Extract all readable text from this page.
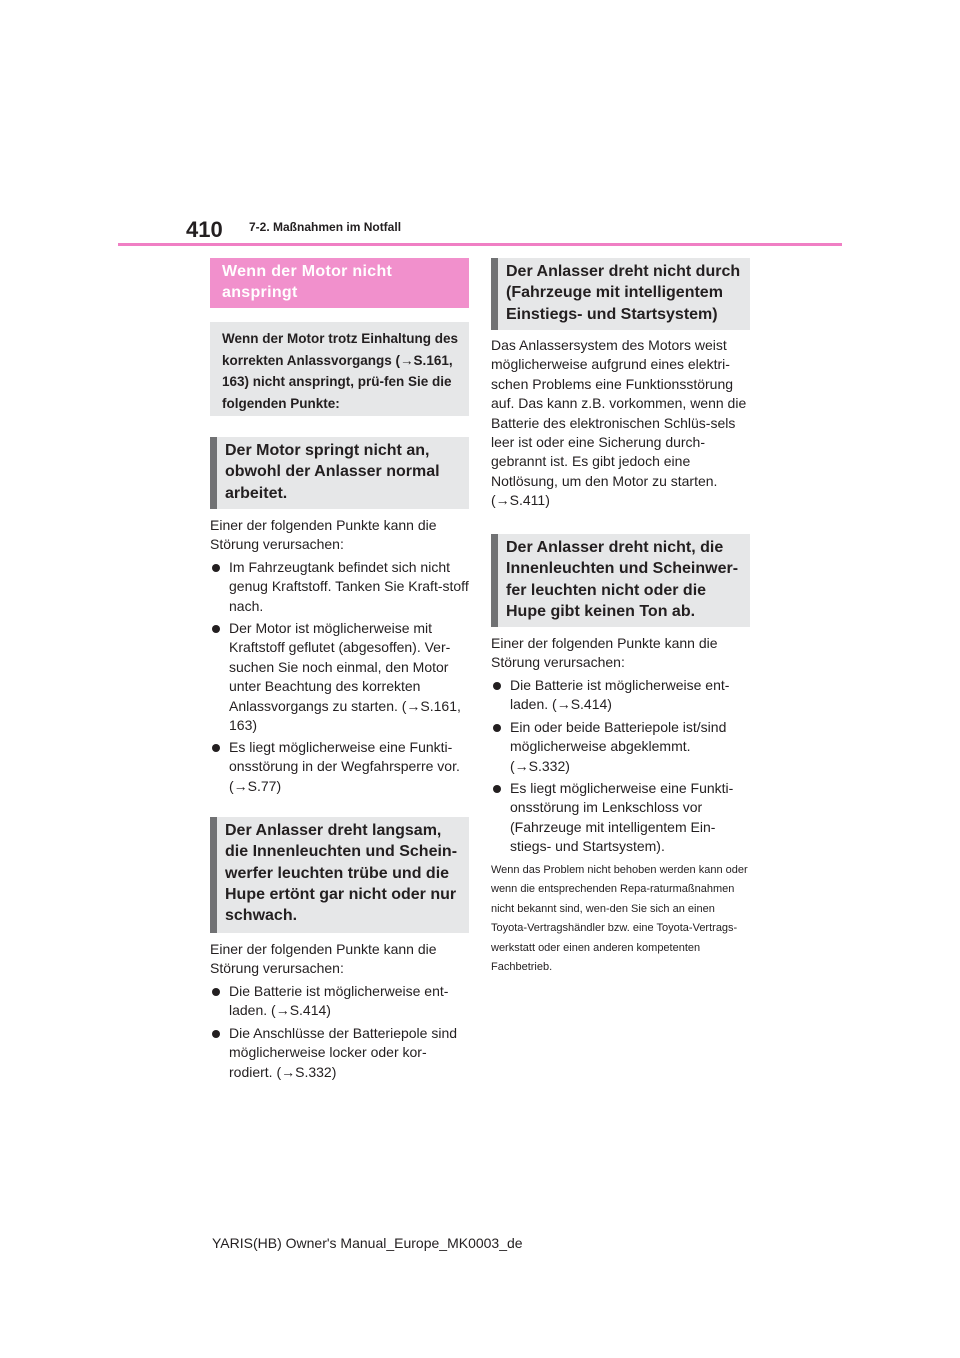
410 7-2. Maßnahmen im Notfall
Wenn der Motor nicht anspringt
Wenn der Motor trotz Einhaltung des korrekten Anlassvorgangs (→S.161, 163) nicht anspringt, prü-fen Sie die folgenden Punkte:
Der Motor springt nicht an, obwohl der Anlasser normal arbeitet.
Einer der folgenden Punkte kann die Störung verursachen:
Im Fahrzeugtank befindet sich nicht genug Kraftstoff. Tanken Sie Kraft-stoff nach.
Der Motor ist möglicherweise mit Kraftstoff geflutet (abgesoffen). Ver-suchen Sie noch einmal, den Motor unter Beachtung des korrekten Anlassvorgangs zu starten. (→S.161, 163)
Es liegt möglicherweise eine Funkti-onsstörung in der Wegfahrsperre vor. (→S.77)
Der Anlasser dreht langsam, die Innenleuchten und Schein-werfer leuchten trübe und die Hupe ertönt gar nicht oder nur schwach.
Einer der folgenden Punkte kann die Störung verursachen:
Die Batterie ist möglicherweise ent-laden. (→S.414)
Die Anschlüsse der Batteriepole sind möglicherweise locker oder kor-rodiert. (→S.332)
Der Anlasser dreht nicht durch (Fahrzeuge mit intelligentem Einstiegs- und Startsystem)
Das Anlassersystem des Motors weist möglicherweise aufgrund eines elektri-schen Problems eine Funktionsstörung auf. Das kann z.B. vorkommen, wenn die Batterie des elektronischen Schlüs-sels leer ist oder eine Sicherung durch-gebrannt ist. Es gibt jedoch eine Notlösung, um den Motor zu starten. (→S.411)
Der Anlasser dreht nicht, die Innenleuchten und Scheinwer-fer leuchten nicht oder die Hupe gibt keinen Ton ab.
Einer der folgenden Punkte kann die Störung verursachen:
Die Batterie ist möglicherweise ent-laden. (→S.414)
Ein oder beide Batteriepole ist/sind möglicherweise abgeklemmt. (→S.332)
Es liegt möglicherweise eine Funkti-onsstörung im Lenkschloss vor (Fahrzeuge mit intelligentem Ein-stiegs- und Startsystem).
Wenn das Problem nicht behoben werden kann oder wenn die entsprechenden Repa-raturmaßnahmen nicht bekannt sind, wen-den Sie sich an einen Toyota-Vertragshändler bzw. eine Toyota-Vertrags-werkstatt oder einen anderen kompetenten Fachbetrieb.
YARIS(HB) Owner's Manual_Europe_MK0003_de
